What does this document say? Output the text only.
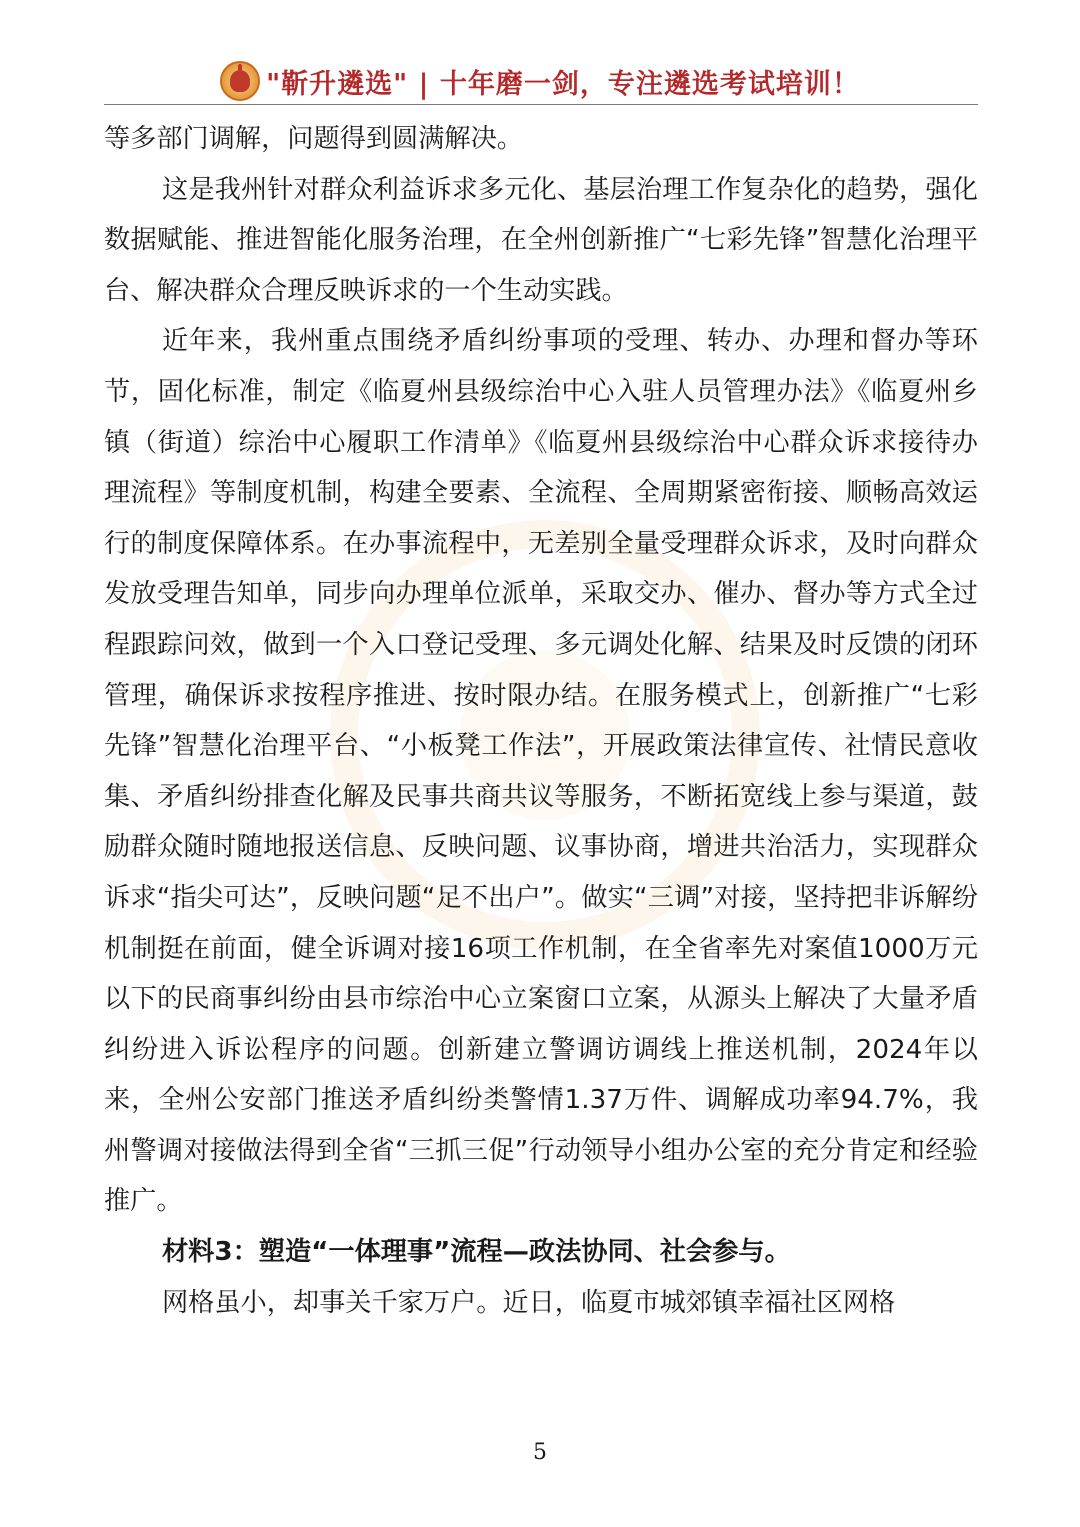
"靳升遴选" | 十年磨一剑，专注遴选考试培训！

等多部门调解，问题得到圆满解决。

这是我州针对群众利益诉求多元化、基层治理工作复杂化的趋势，强化数据赋能、推进智能化服务治理，在全州创新推广“七彩先锋”智慧化治理平台、解决群众合理反映诉求的一个生动实践。

近年来，我州重点围绕矛盾纠纷事项的受理、转办、办理和督办等环节，固化标准，制定《临夏州县级综治中心入驻人员管理办法》《临夏州乡镇（街道）综治中心履职工作清单》《临夏州县级综治中心群众诉求接待办理流程》等制度机制，构建全要素、全流程、全周期紧密衔接、顺畅高效运行的制度保障体系。在办事流程中，无差别全量受理群众诉求，及时向群众发放受理告知单，同步向办理单位派单，采取交办、催办、督办等方式全过程跟踪问效，做到一个入口登记受理、多元调处化解、结果及时反馈的闭环管理，确保诉求按程序推进、按时限办结。在服务模式上，创新推广“七彩先锋”智慧化治理平台、“小板凳工作法”，开展政策法律宣传、社情民意收集、矛盾纠纷排查化解及民事共商共议等服务，不断拓宽线上参与渠道，鼓励群众随时随地报送信息、反映问题、议事协商，增进共治活力，实现群众诉求“指尖可达”，反映问题“足不出户”。做实“三调”对接，坚持把非诉解纷机制挺在前面，健全诉调对接16项工作机制，在全省率先对案值1000万元以下的民商事纠纷由县市综治中心立案窗口立案，从源头上解决了大量矛盾纠纷进入诉讼程序的问题。创新建立警调访调线上推送机制，2024年以来，全州公安部门推送矛盾纠纷类警情1.37万件、调解成功率94.7%，我州警调对接做法得到全省“三抓三促”行动领导小组办公室的充分肯定和经验推广。

材料3：塑造“一体理事”流程—政法协同、社会参与。

网格虽小，却事关千家万户。近日，临夏市城郊镇幸福社区网格

5
